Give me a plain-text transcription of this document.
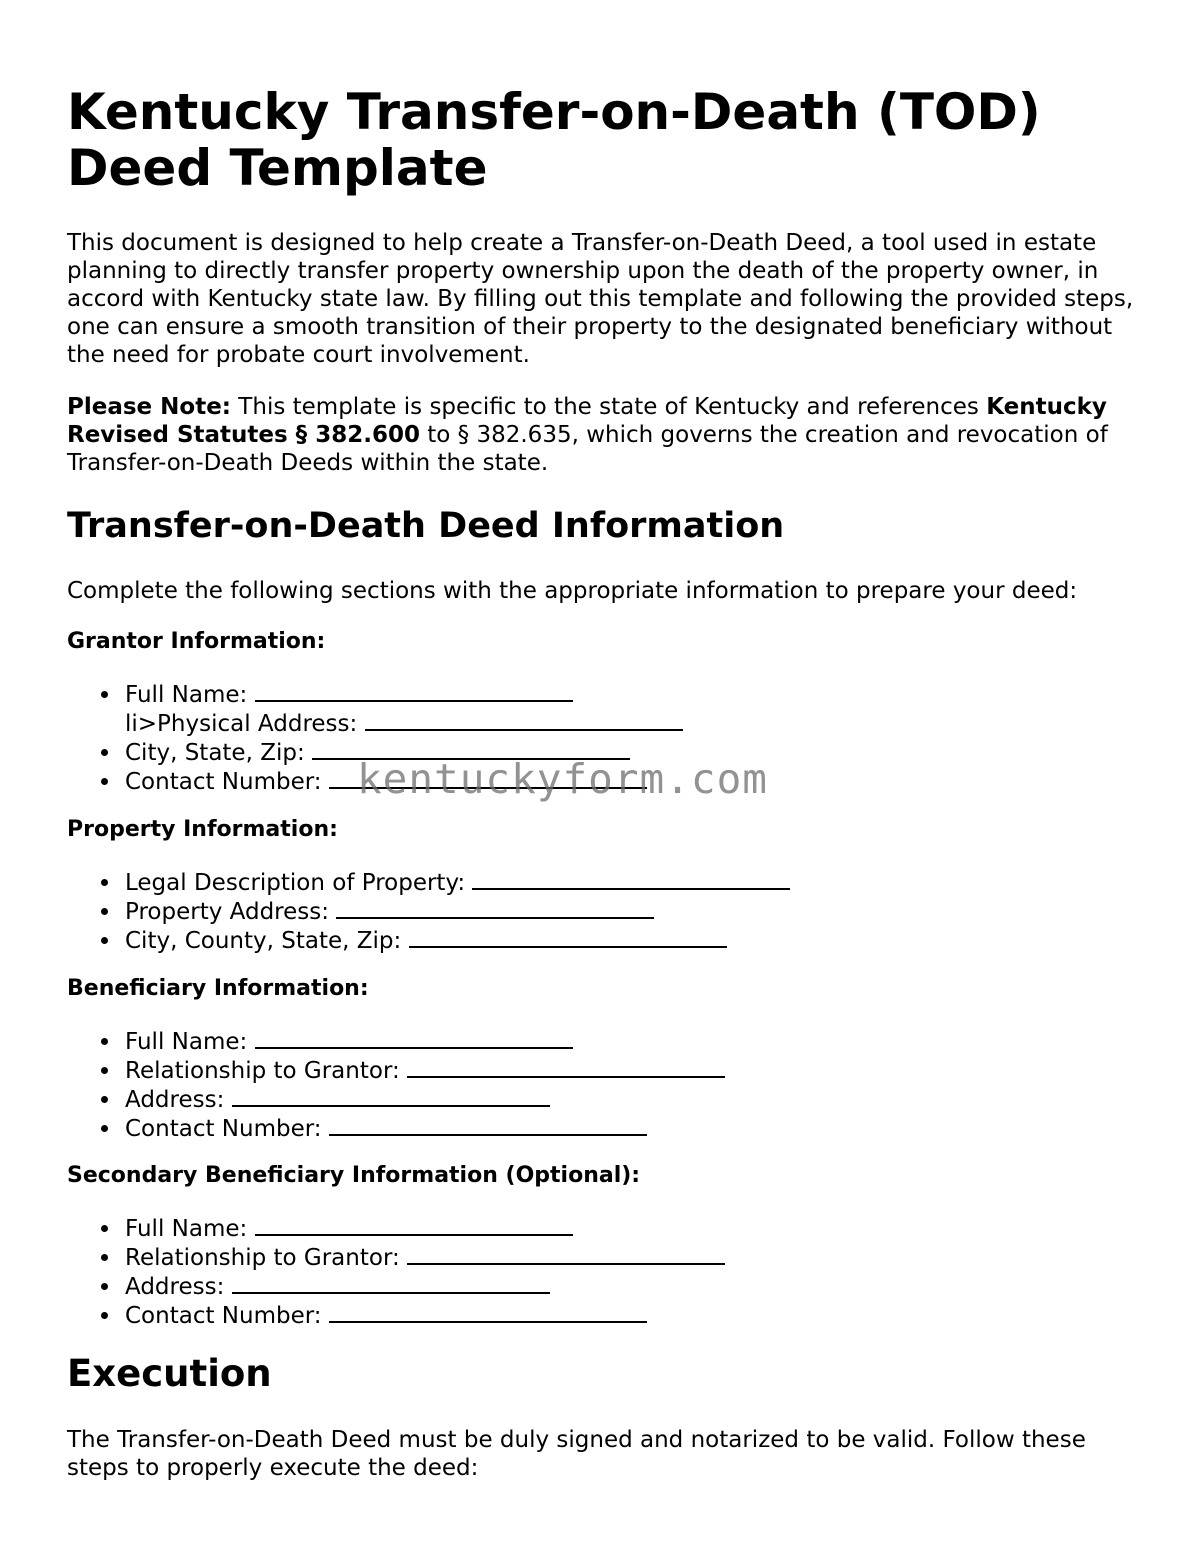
Kentucky Transfer-on-Death (TOD) Deed Template

This document is designed to help create a Transfer-on-Death Deed, a tool used in estate planning to directly transfer property ownership upon the death of the property owner, in accord with Kentucky state law. By filling out this template and following the provided steps, one can ensure a smooth transition of their property to the designated beneficiary without the need for probate court involvement.

Please Note: This template is specific to the state of Kentucky and references Kentucky Revised Statutes § 382.600 to § 382.635, which governs the creation and revocation of Transfer-on-Death Deeds within the state.

Transfer-on-Death Deed Information

Complete the following sections with the appropriate information to prepare your deed:

Grantor Information:
Full Name:
li>Physical Address:
City, State, Zip:
Contact Number:
Property Information:
Legal Description of Property:
Property Address:
City, County, State, Zip:
Beneficiary Information:
Full Name:
Relationship to Grantor:
Address:
Contact Number:
Secondary Beneficiary Information (Optional):
Full Name:
Relationship to Grantor:
Address:
Contact Number:
Execution

The Transfer-on-Death Deed must be duly signed and notarized to be valid. Follow these steps to properly execute the deed:

kentuckyform.com
